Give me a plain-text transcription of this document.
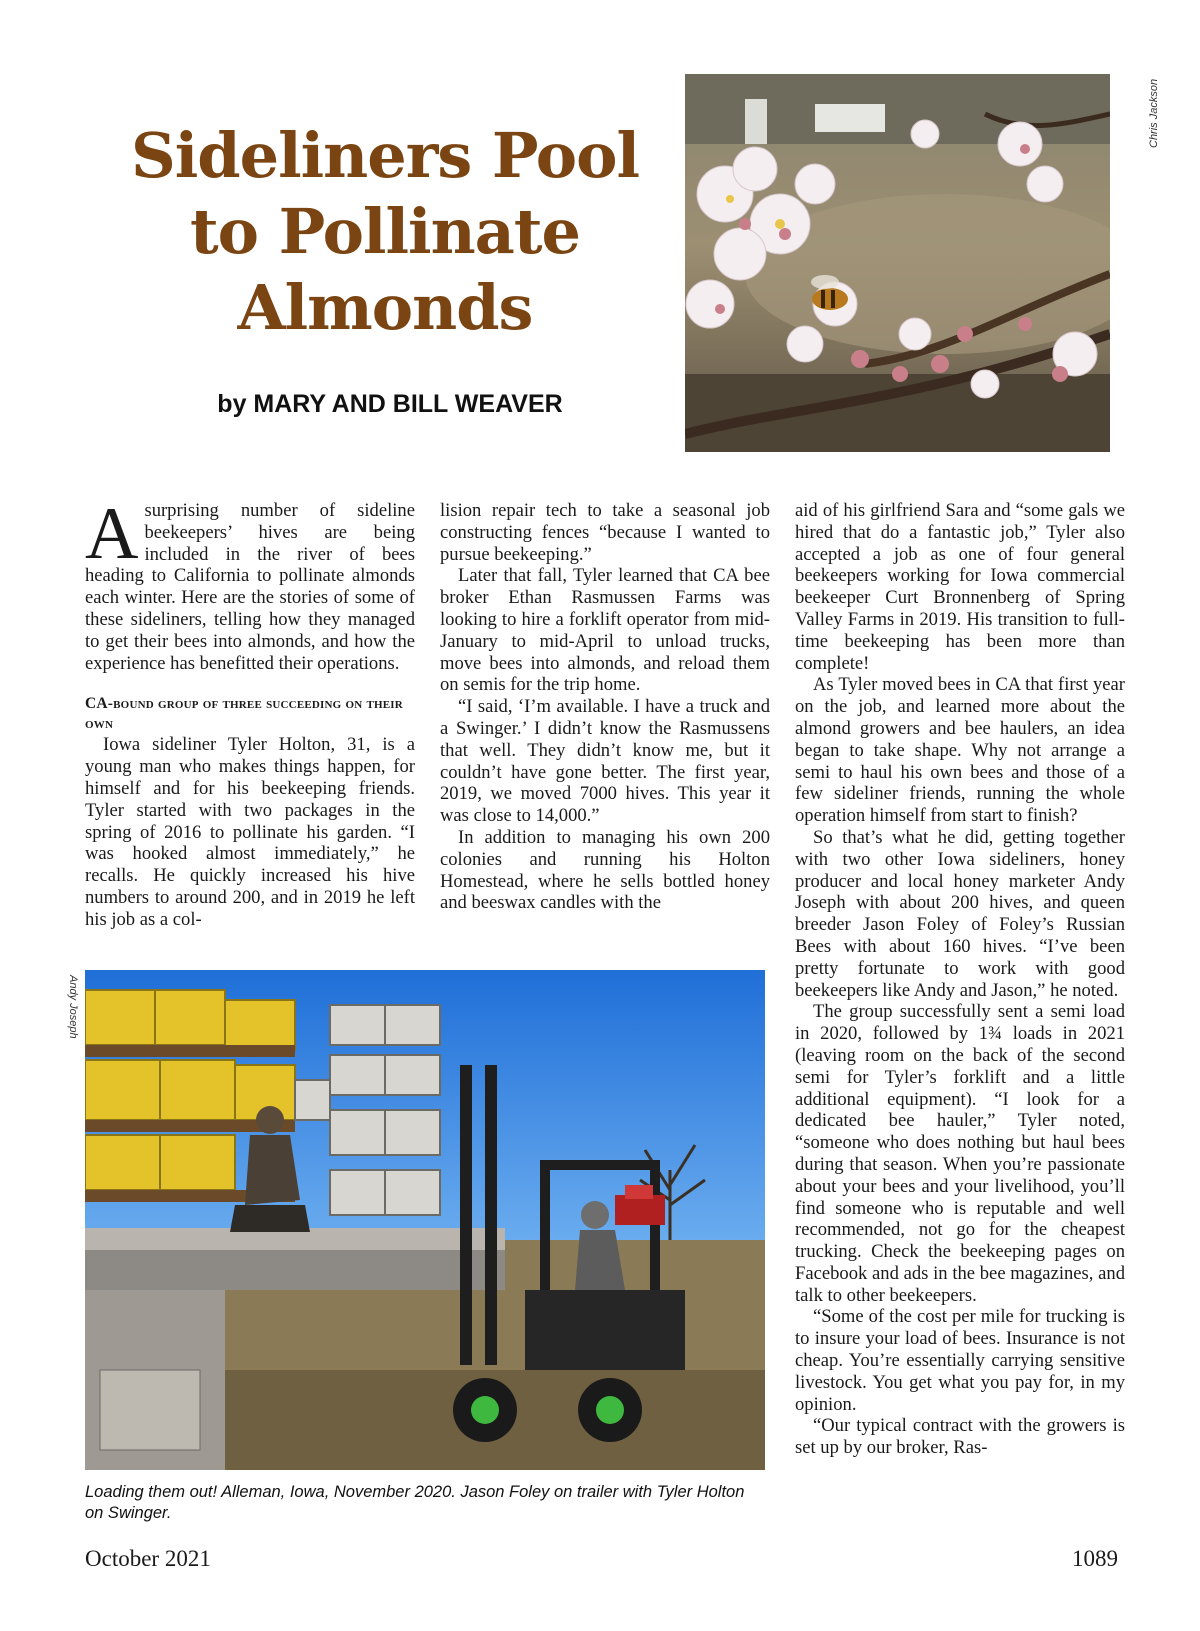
Sideliners Pool
to Pollinate
Almonds
by MARY AND BILL WEAVER
Chris Jackson

Asurprising number of sideline beekeepers’ hives are being included in the river of bees heading to California to pollinate almonds each winter. Here are the stories of some of these sideliners, telling how they managed to get their bees into almonds, and how the experience has benefitted their operations.

CA-bound group of three succeeding on their own

Iowa sideliner Tyler Holton, 31, is a young man who makes things happen, for himself and for his beekeeping friends. Tyler started with two packages in the spring of 2016 to pollinate his garden. “I was hooked almost immediately,” he recalls. He quickly increased his hive numbers to around 200, and in 2019 he left his job as a col-

lision repair tech to take a seasonal job constructing fences “because I wanted to pursue beekeeping.”

Later that fall, Tyler learned that CA bee broker Ethan Rasmussen Farms was looking to hire a forklift operator from mid-January to mid-April to unload trucks, move bees into almonds, and reload them on semis for the trip home.

“I said, ‘I’m available. I have a truck and a Swinger.’ I didn’t know the Rasmussens that well. They didn’t know me, but it couldn’t have gone better. The first year, 2019, we moved 7000 hives. This year it was close to 14,000.”

In addition to managing his own 200 colonies and running his Holton Homestead, where he sells bottled honey and beeswax candles with the

aid of his girlfriend Sara and “some gals we hired that do a fantastic job,” Tyler also accepted a job as one of four general beekeepers working for Iowa commercial beekeeper Curt Bronnenberg of Spring Valley Farms in 2019. His transition to full-time beekeeping has been more than complete!

As Tyler moved bees in CA that first year on the job, and learned more about the almond growers and bee haulers, an idea began to take shape. Why not arrange a semi to haul his own bees and those of a few sideliner friends, running the whole operation himself from start to finish?

So that’s what he did, getting together with two other Iowa sideliners, honey producer and local honey marketer Andy Joseph with about 200 hives, and queen breeder Jason Foley of Foley’s Russian Bees with about 160 hives. “I’ve been pretty fortunate to work with good beekeepers like Andy and Jason,” he noted.

The group successfully sent a semi load in 2020, followed by 1¾ loads in 2021 (leaving room on the back of the second semi for Tyler’s forklift and a little additional equipment). “I look for a dedicated bee hauler,” Tyler noted, “someone who does nothing but haul bees during that season. When you’re passionate about your bees and your livelihood, you’ll find someone who is reputable and well recommended, not go for the cheapest trucking. Check the beekeeping pages on Facebook and ads in the bee magazines, and talk to other beekeepers.

“Some of the cost per mile for trucking is to insure your load of bees. Insurance is not cheap. You’re essentially carrying sensitive livestock. You get what you pay for, in my opinion.

“Our typical contract with the growers is set up by our broker, Ras-

Andy Joseph
Loading them out! Alleman, Iowa, November 2020. Jason Foley on trailer with Tyler Holton on Swinger.
October 2021	1089
